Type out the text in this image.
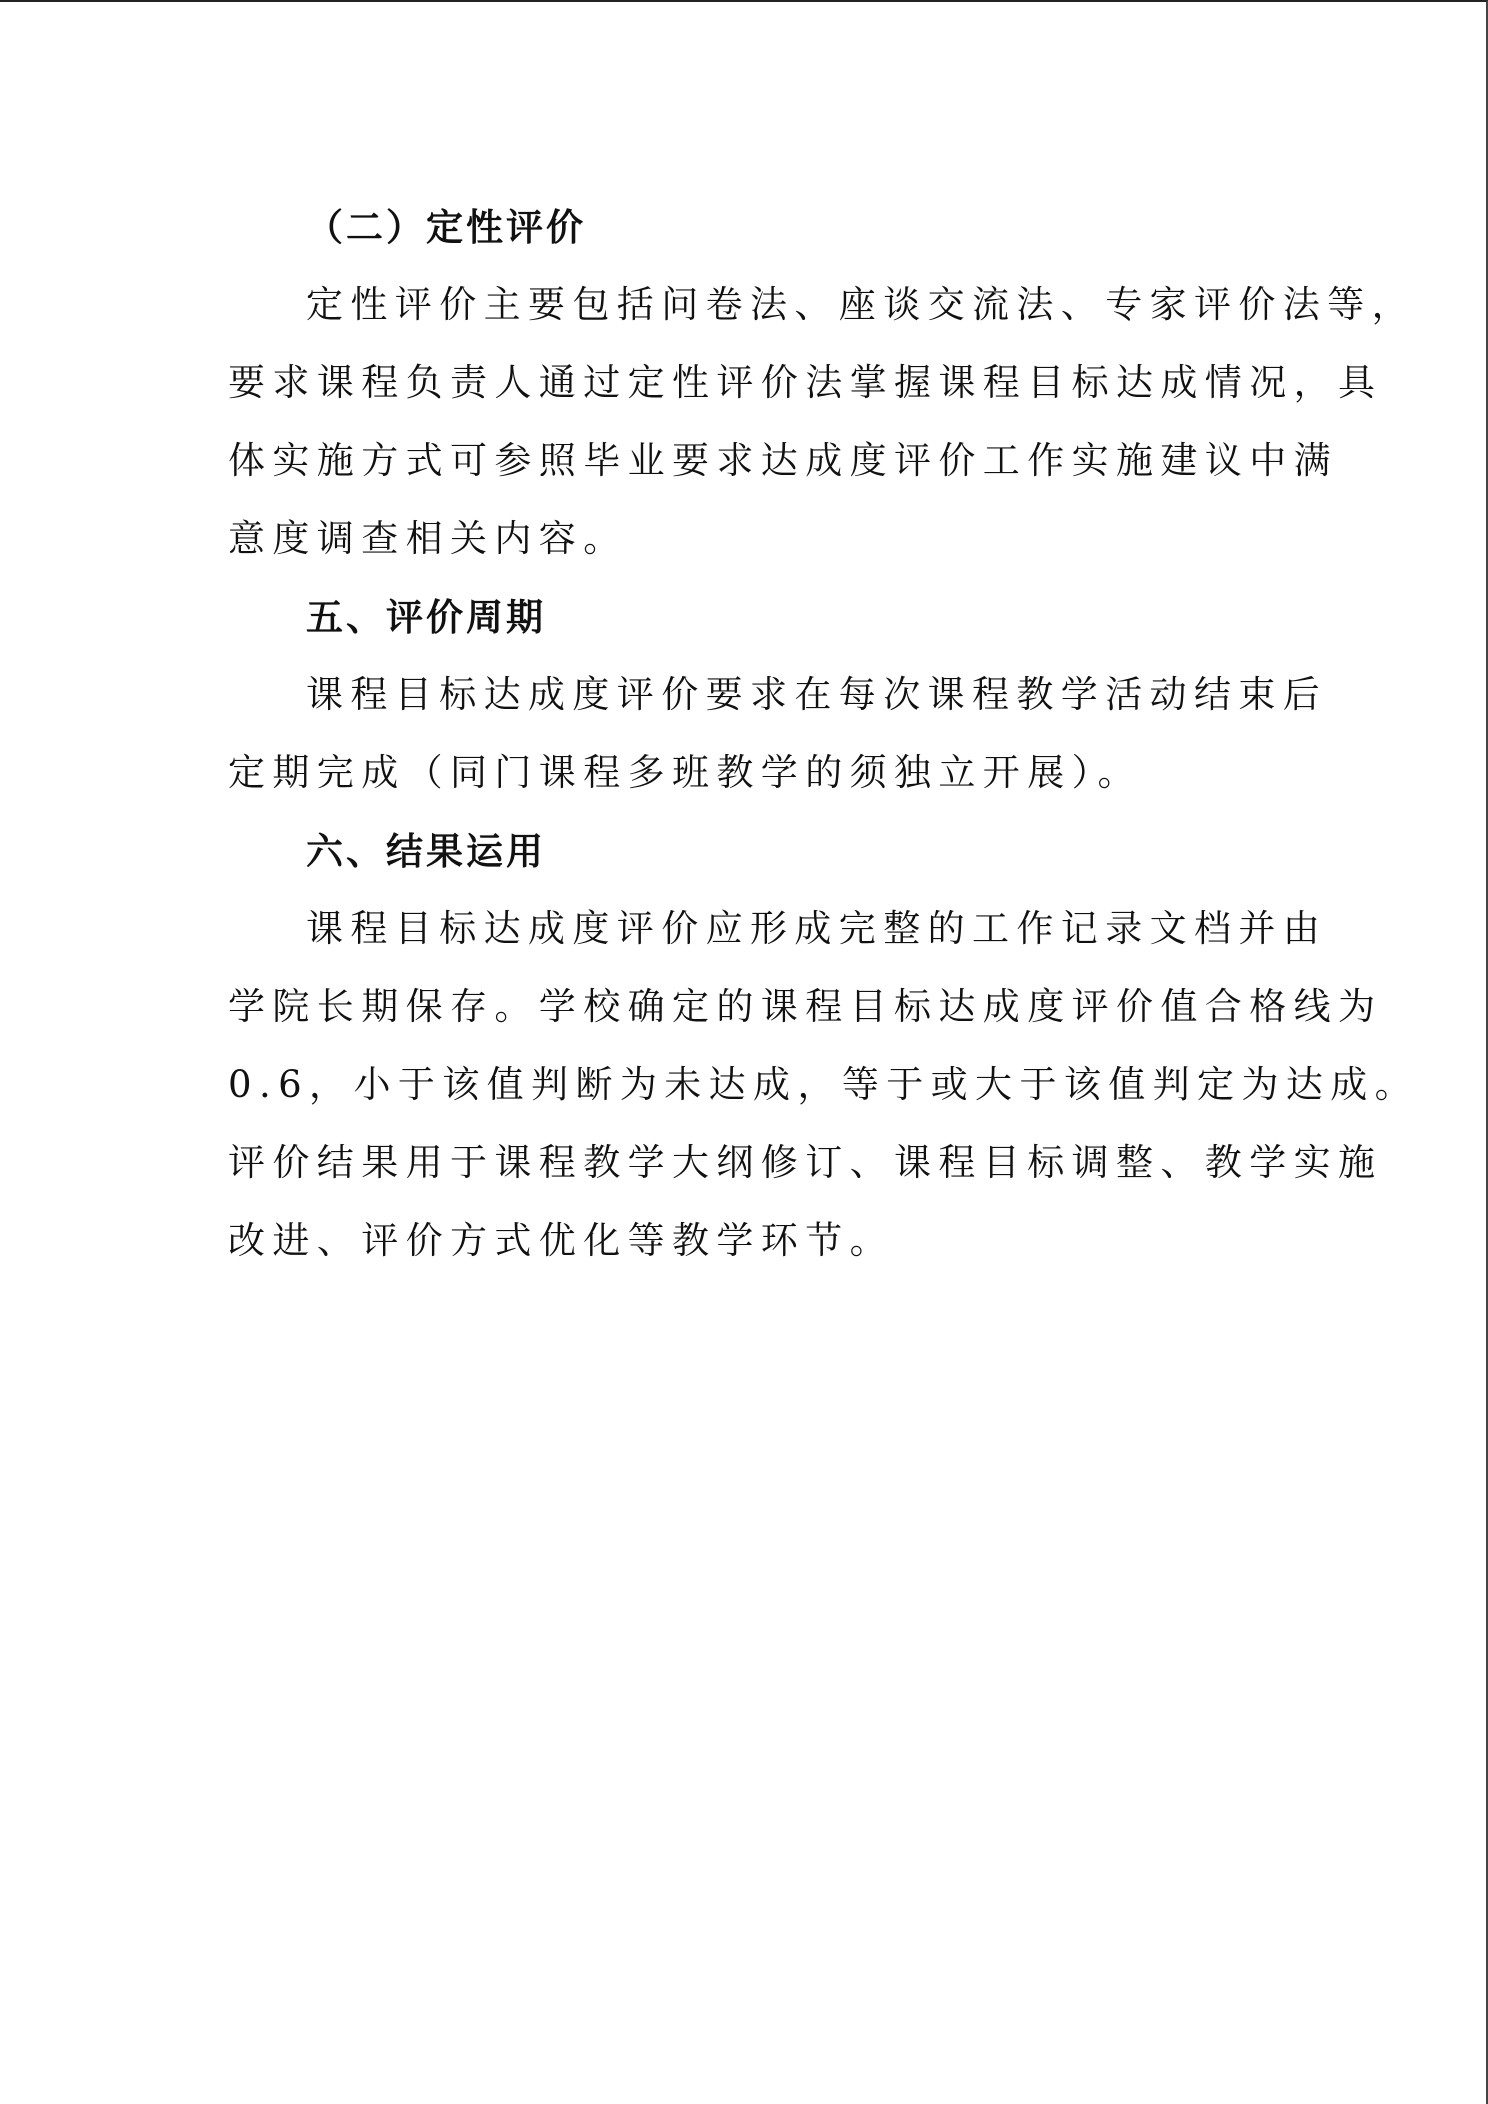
（二）定性评价

定性评价主要包括问卷法、座谈交流法、专家评价法等，
要求课程负责人通过定性评价法掌握课程目标达成情况，具
体实施方式可参照毕业要求达成度评价工作实施建议中满
意度调查相关内容。

五、评价周期

课程目标达成度评价要求在每次课程教学活动结束后
定期完成（同门课程多班教学的须独立开展）。

六、结果运用

课程目标达成度评价应形成完整的工作记录文档并由
学院长期保存。学校确定的课程目标达成度评价值合格线为
0.6，小于该值判断为未达成，等于或大于该值判定为达成。
评价结果用于课程教学大纲修订、课程目标调整、教学实施
改进、评价方式优化等教学环节。
